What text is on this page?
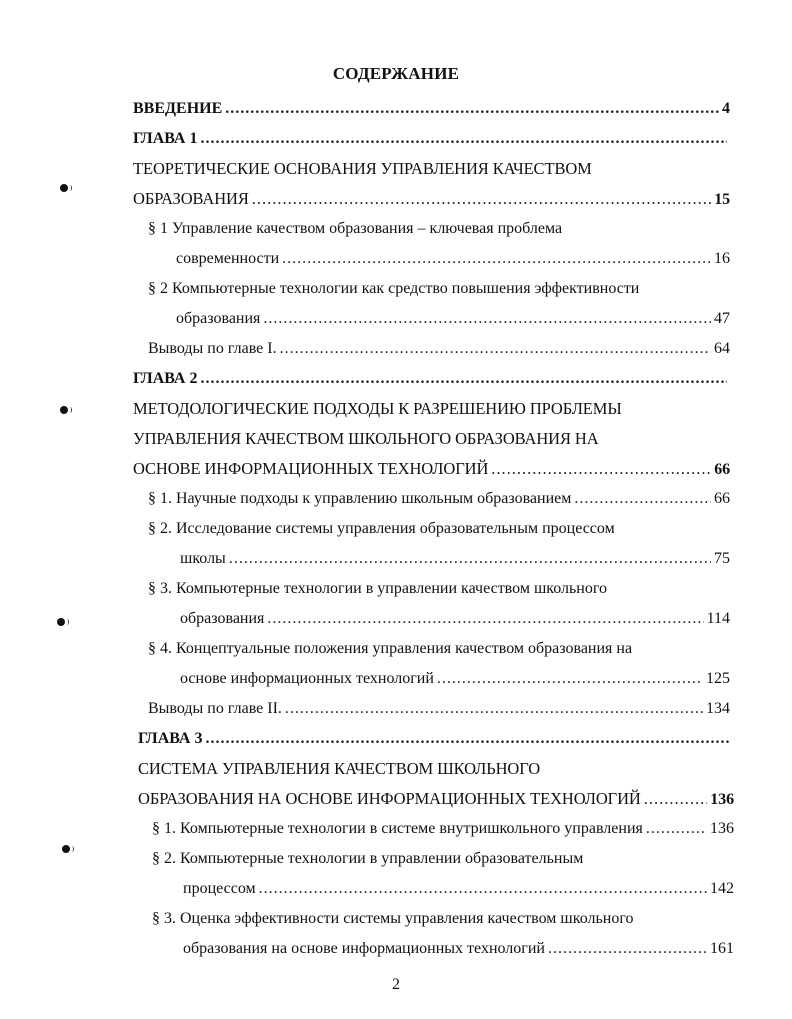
СОДЕРЖАНИЕ
ВВЕДЕНИЕ .....	4
ГЛАВА 1
.....
ТЕОРЕТИЧЕСКИЕ ОСНОВАНИЯ УПРАВЛЕНИЯ КАЧЕСТВОМ
ОБРАЗОВАНИЯ .....	15
§ 1 Управление качеством образования – ключевая проблема
современности .....	16
§ 2 Компьютерные технологии как средство повышения эффективности
образования .....	47
Выводы по главе I. .....	64
ГЛАВА 2
.....
МЕТОДОЛОГИЧЕСКИЕ ПОДХОДЫ К РАЗРЕШЕНИЮ ПРОБЛЕМЫ
УПРАВЛЕНИЯ КАЧЕСТВОМ ШКОЛЬНОГО ОБРАЗОВАНИЯ НА
ОСНОВЕ ИНФОРМАЦИОННЫХ ТЕХНОЛОГИЙ .....	66
§ 1. Научные подходы к управлению школьным образованием .....	66
§ 2. Исследование системы управления образовательным процессом
школы .....	75
§ 3. Компьютерные технологии в управлении качеством школьного
образования .....	114
§ 4. Концептуальные положения управления качеством образования на
основе информационных технологий .....	125
Выводы по главе II. .....	134
ГЛАВА 3
.....
СИСТЕМА УПРАВЛЕНИЯ КАЧЕСТВОМ ШКОЛЬНОГО
ОБРАЗОВАНИЯ НА ОСНОВЕ ИНФОРМАЦИОННЫХ ТЕХНОЛОГИЙ .....	136
§ 1. Компьютерные технологии в системе внутришкольного управления .....	136
§ 2. Компьютерные технологии в управлении образовательным
процессом .....	142
§ 3. Оценка эффективности системы управления качеством школьного
образования на основе информационных технологий .....	161
2
